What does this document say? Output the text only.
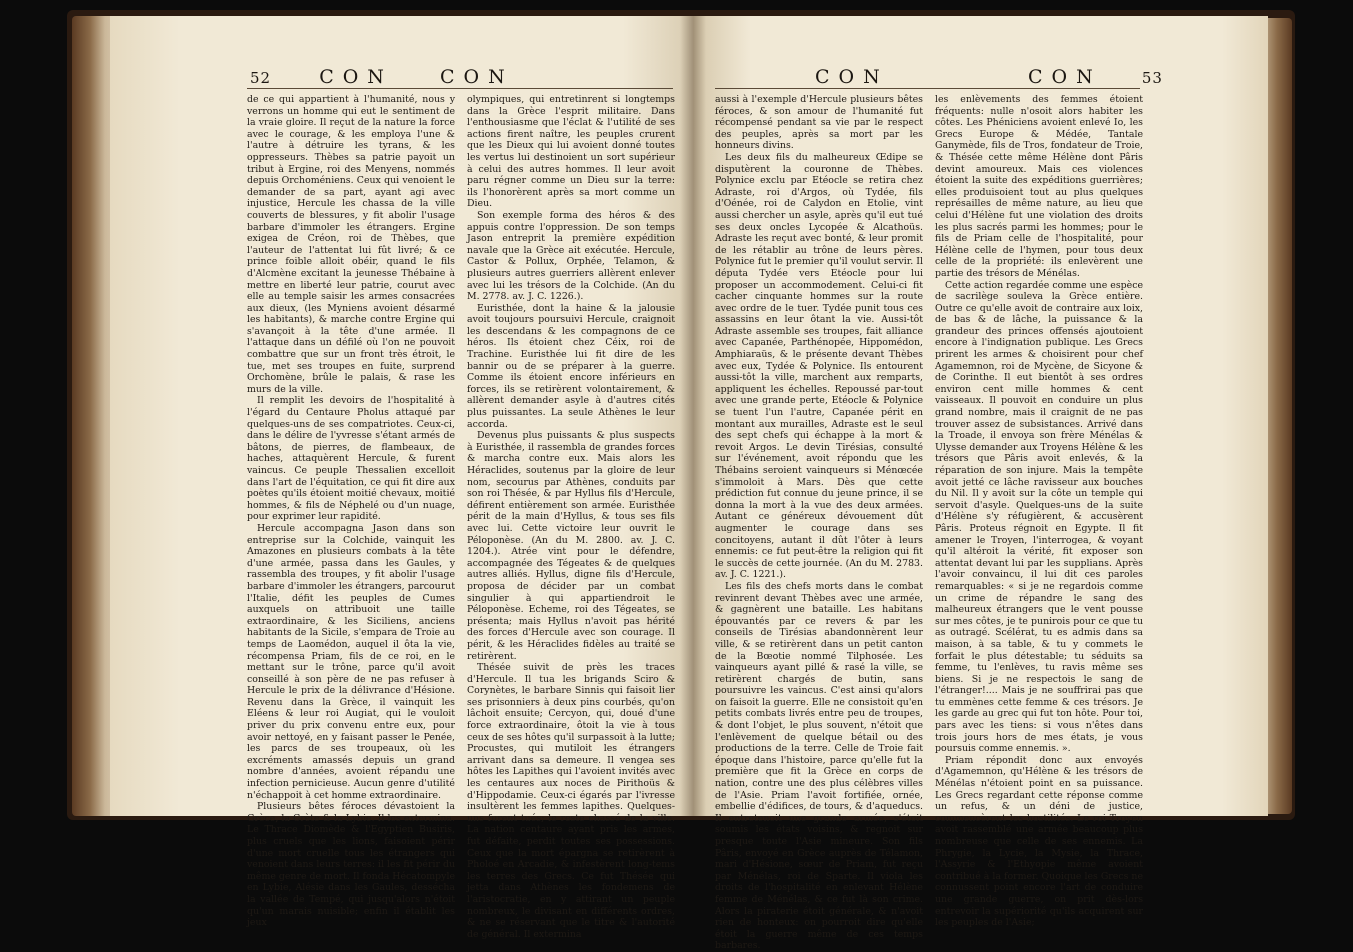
52	CON CON

de ce qui appartient à l'humanité, nous y verrons un homme qui eut le sentiment de la vraie gloire. Il reçut de la nature la force avec le courage, & les employa l'une & l'autre à détruire les tyrans, & les oppresseurs. Thèbes sa patrie payoit un tribut à Ergine, roi des Menyens, nommés depuis Orchoméniens. Ceux qui venoient le demander de sa part, ayant agi avec injustice, Hercule les chassa de la ville couverts de blessures, y fit abolir l'usage barbare d'immoler les étrangers. Ergine exigea de Créon, roi de Thèbes, que l'auteur de l'attentat lui fût livré; & ce prince foible alloit obéir, quand le fils d'Alcmène excitant la jeunesse Thébaine à mettre en liberté leur patrie, courut avec elle au temple saisir les armes consacrées aux dieux, (les Myniens avoient désarmé les habitants), & marche contre Ergine qui s'avançoit à la tête d'une armée. Il l'attaque dans un défilé où l'on ne pouvoit combattre que sur un front très étroit, le tue, met ses troupes en fuite, surprend Orchomène, brûle le palais, & rase les murs de la ville.

Il remplit les devoirs de l'hospitalité à l'égard du Centaure Pholus attaqué par quelques-uns de ses compatriotes. Ceux-ci, dans le délire de l'yvresse s'étant armés de bâtons, de pierres, de flambeaux, de haches, attaquèrent Hercule, & furent vaincus. Ce peuple Thessalien excelloit dans l'art de l'équitation, ce qui fit dire aux poètes qu'ils étoient moitié chevaux, moitié hommes, & fils de Néphelé ou d'un nuage, pour exprimer leur rapidité.

Hercule accompagna Jason dans son entreprise sur la Colchide, vainquit les Amazones en plusieurs combats à la tête d'une armée, passa dans les Gaules, y rassembla des troupes, y fit abolir l'usage barbare d'immoler les étrangers, parcourut l'Italie, défit les peuples de Cumes auxquels on attribuoit une taille extraordinaire, & les Siciliens, anciens habitants de la Sicile, s'empara de Troie au temps de Laomédon, auquel il ôta la vie, récompensa Priam, fils de ce roi, en le mettant sur le trône, parce qu'il avoit conseillé à son père de ne pas refuser à Hercule le prix de la délivrance d'Hésione. Revenu dans la Grèce, il vainquit les Eléens & leur roi Augiat, qui le vouloit priver du prix convenu entre eux, pour avoir nettoyé, en y faisant passer le Penée, les parcs de ses troupeaux, où les excréments amassés depuis un grand nombre d'années, avoient répandu une infection pernicieuse. Aucun genre d'utilité n'échappoit à cet homme extraordinaire.

Plusieurs bêtes féroces dévastoient la Grèce, la Crète & la Lybie. Il les extermina. Le Thrace Diomède & l'Egyptien Busiris, plus cruels que les lions, faisoient périr d'une mort cruelle tous les étrangers qui venoient dans leurs terres: il les fit périr du même genre de mort. Il fonda Hécatompyle en Lybie, Alésie dans les Gaules, dessécha la vallée de Tempé, qui jusqu'alors n'étoit qu'un marais nuisible; enfin il établit les jeux

olympiques, qui entretinrent si longtemps dans la Grèce l'esprit militaire. Dans l'enthousiasme que l'éclat & l'utilité de ses actions firent naître, les peuples crurent que les Dieux qui lui avoient donné toutes les vertus lui destinoient un sort supérieur à celui des autres hommes. Il leur avoit paru régner comme un Dieu sur la terre: ils l'honorèrent après sa mort comme un Dieu.

Son exemple forma des héros & des appuis contre l'oppression. De son temps Jason entreprit la première expédition navale que la Grèce ait exécutée. Hercule, Castor & Pollux, Orphée, Telamon, & plusieurs autres guerriers allèrent enlever avec lui les trésors de la Colchide. (An du M. 2778. av. J. C. 1226.).

Euristhée, dont la haine & la jalousie avoit toujours poursuivi Hercule, craignoit les descendans & les compagnons de ce héros. Ils étoient chez Céix, roi de Trachine. Euristhée lui fit dire de les bannir ou de se préparer à la guerre. Comme ils étoient encore inférieurs en forces, ils se retirèrent volontairement, & allèrent demander asyle à d'autres cités plus puissantes. La seule Athènes le leur accorda.

Devenus plus puissants & plus suspects à Euristhée, il rassembla de grandes forces & marcha contre eux. Mais alors les Héraclides, soutenus par la gloire de leur nom, secourus par Athènes, conduits par son roi Thésée, & par Hyllus fils d'Hercule, défirent entièrement son armée. Euristhée périt de la main d'Hyllus, & tous ses fils avec lui. Cette victoire leur ouvrit le Péloponèse. (An du M. 2800. av. J. C. 1204.). Atrée vint pour le défendre, accompagnée des Tégeates & de quelques autres alliés. Hyllus, digne fils d'Hercule, proposa de décider par un combat singulier à qui appartiendroit le Péloponèse. Echeme, roi des Tégeates, se présenta; mais Hyllus n'avoit pas hérité des forces d'Hercule avec son courage. Il périt, & les Héraclides fidèles au traité se retirèrent.

Thésée suivit de près les traces d'Hercule. Il tua les brigands Sciro & Corynètes, le barbare Sinnis qui faisoit lier ses prisonniers à deux pins courbés, qu'on lâchoit ensuite; Cercyon, qui, doué d'une force extraordinaire, ôtoit la vie à tous ceux de ses hôtes qu'il surpassoit à la lutte; Procustes, qui mutiloit les étrangers arrivant dans sa demeure. Il vengea ses hôtes les Lapithes qui l'avoient invités avec les centaures aux noces de Pirithoüs & d'Hippodamie. Ceux-ci égarés par l'ivresse insultèrent les femmes lapithes. Quelques-uns furent tués; le reste chassé de la ville. La nation centaure ayant pris les armes, fut défaite, perdit toutes ses possessions. Ceux que la mort épargna se retirèrent à Pholoé en Arcadie, & infestèrent long-tems les terres des Grecs. Ce fut Thésée qui jetta dans Athènes les fondemens de l'aristocratie, en y attirant un peuple nombreux, le divisant en différents ordres, & ne se réservant que le titre & l'autorité de général. Il extermina

CON	CON	53

aussi à l'exemple d'Hercule plusieurs bêtes féroces, & son amour de l'humanité fut récompensé pendant sa vie par le respect des peuples, après sa mort par les honneurs divins.

Les deux fils du malheureux Œdipe se disputèrent la couronne de Thèbes. Polynice exclu par Etéocle se retira chez Adraste, roi d'Argos, où Tydée, fils d'Oénée, roi de Calydon en Etolie, vint aussi chercher un asyle, après qu'il eut tué ses deux oncles Lycopée & Alcathoüs. Adraste les reçut avec bonté, & leur promit de les rétablir au trône de leurs pères. Polynice fut le premier qu'il voulut servir. Il députa Tydée vers Etéocle pour lui proposer un accommodement. Celui-ci fit cacher cinquante hommes sur la route avec ordre de le tuer. Tydée punit tous ces assassins en leur ôtant la vie. Aussi-tôt Adraste assemble ses troupes, fait alliance avec Capanée, Parthénopée, Hippomédon, Amphiaraüs, & le présente devant Thèbes avec eux, Tydée & Polynice. Ils entourent aussi-tôt la ville, marchent aux remparts, appliquent les échelles. Repoussé par-tout avec une grande perte, Etéocle & Polynice se tuent l'un l'autre, Capanée périt en montant aux murailles, Adraste est le seul des sept chefs qui échappe à la mort & revoit Argos. Le devin Tirésias, consulté sur l'événement, avoit répondu que les Thébains seroient vainqueurs si Ménœcée s'immoloit à Mars. Dès que cette prédiction fut connue du jeune prince, il se donna la mort à la vue des deux armées. Autant ce généreux dévouement dût augmenter le courage dans ses concitoyens, autant il dût l'ôter à leurs ennemis: ce fut peut-être la religion qui fit le succès de cette journée. (An du M. 2783. av. J. C. 1221.).

Les fils des chefs morts dans le combat revinrent devant Thèbes avec une armée, & gagnèrent une bataille. Les habitans épouvantés par ce revers & par les conseils de Tirésias abandonnèrent leur ville, & se retirèrent dans un petit canton de la Bœotie nommé Tilphosée. Les vainqueurs ayant pillé & rasé la ville, se retirèrent chargés de butin, sans poursuivre les vaincus. C'est ainsi qu'alors on faisoit la guerre. Elle ne consistoit qu'en petits combats livrés entre peu de troupes, & dont l'objet, le plus souvent, n'étoit que l'enlèvement de quelque bétail ou des productions de la terre. Celle de Troie fait époque dans l'histoire, parce qu'elle fut la première que fit la Grèce en corps de nation, contre une des plus célèbres villes de l'Asie. Priam l'avoit fortifiée, ornée, embellie d'édifices, de tours, & d'aqueducs. Il entretenoit une grande armée, s'étoit soumis les états voisins, & regnoit sur presque toute l'Asie mineure. Son fils Pâris, envoyé en Grèce auprès de Télamon, mari d'Hésione, sœur de Priam, fut reçu par Ménélas, roi de Sparte. Il viola les droits de l'hospitalité en enlevant Hélène femme de Ménélas, & ce fut là son crime. Alors la piraterie étoit générale, & n'avoit rien de honteux: on pourroit dire qu'elle étoit la guerre même de ces temps barbares.

les enlèvements des femmes étoient fréquents: nulle n'osoit alors habiter les côtes. Les Phéniciens avoient enlevé Io, les Grecs Europe & Médée, Tantale Ganymède, fils de Tros, fondateur de Troie, & Thésée cette même Hélène dont Pâris devint amoureux. Mais ces violences étoient la suite des expéditions guerrières; elles produisoient tout au plus quelques représailles de même nature, au lieu que celui d'Hélène fut une violation des droits les plus sacrés parmi les hommes; pour le fils de Priam celle de l'hospitalité, pour Hélène celle de l'hymen, pour tous deux celle de la propriété: ils enlevèrent une partie des trésors de Ménélas.

Cette action regardée comme une espèce de sacrilège souleva la Grèce entière. Outre ce qu'elle avoit de contraire aux loix, de bas & de lâche, la puissance & la grandeur des princes offensés ajoutoient encore à l'indignation publique. Les Grecs prirent les armes & choisirent pour chef Agamemnon, roi de Mycène, de Sicyone & de Corinthe. Il eut bientôt à ses ordres environ cent mille hommes & cent vaisseaux. Il pouvoit en conduire un plus grand nombre, mais il craignit de ne pas trouver assez de subsistances. Arrivé dans la Troade, il envoya son frère Ménélas & Ulysse demander aux Troyens Hélène & les trésors que Pâris avoit enlevés, & la réparation de son injure. Mais la tempête avoit jetté ce lâche ravisseur aux bouches du Nil. Il y avoit sur la côte un temple qui servoit d'asyle. Quelques-uns de la suite d'Hélène s'y réfugièrent, & accusèrent Pâris. Proteus régnoit en Egypte. Il fit amener le Troyen, l'interrogea, & voyant qu'il altéroit la vérité, fit exposer son attentat devant lui par les supplians. Après l'avoir convaincu, il lui dit ces paroles remarquables: « si je ne regardois comme un crime de répandre le sang des malheureux étrangers que le vent pousse sur mes côtes, je te punirois pour ce que tu as outragé. Scélérat, tu es admis dans sa maison, à sa table, & tu y commets le forfait le plus détestable; tu séduits sa femme, tu l'enlèves, tu ravis même ses biens. Si je ne respectois le sang de l'étranger!.... Mais je ne souffrirai pas que tu emmènes cette femme & ces trésors. Je les garde au grec qui fut ton hôte. Pour toi, pars avec les tiens: si vous n'êtes dans trois jours hors de mes états, je vous poursuis comme ennemis. ».

Priam répondit donc aux envoyés d'Agamemnon, qu'Hélène & les trésors de Ménélas n'étoient point en sa puissance. Les Grecs regardant cette réponse comme un refus, & un déni de justice, commencèrent les hostilités. Le roi Troyen avoit rassemblé une armée beaucoup plus nombreuse que celle de ses ennemis. La Phrygie, la Lycie, la Mysie, la Thrace, l'Assyrie & l'Ethyopie même avoient contribué à la former. Quoique les Grecs ne connussent point encore l'art de conduire une grande guerre, on prit dès-lors entrevoir la supériorité qu'ils acquirent sur les peuples de l'Asie;
